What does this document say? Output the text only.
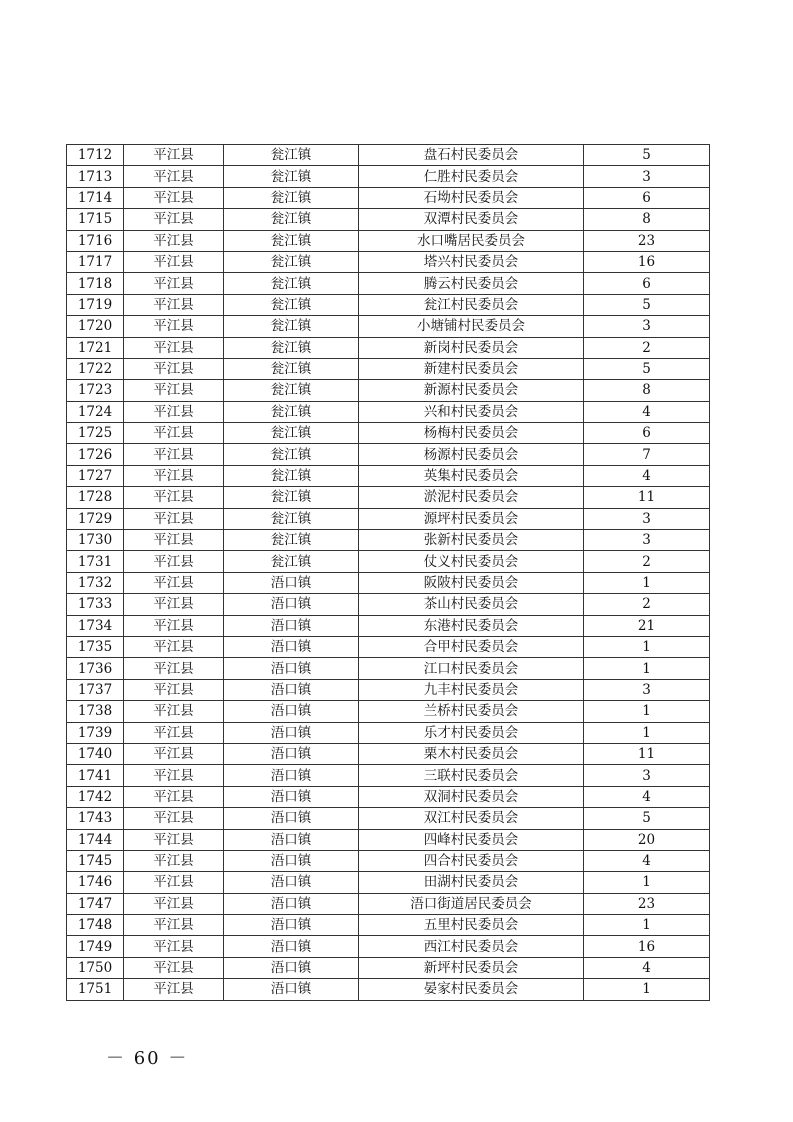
1712	平江县	瓮江镇	盘石村民委员会	5
1713	平江县	瓮江镇	仁胜村民委员会	3
1714	平江县	瓮江镇	石坳村民委员会	6
1715	平江县	瓮江镇	双潭村民委员会	8
1716	平江县	瓮江镇	水口嘴居民委员会	23
1717	平江县	瓮江镇	塔兴村民委员会	16
1718	平江县	瓮江镇	腾云村民委员会	6
1719	平江县	瓮江镇	瓮江村民委员会	5
1720	平江县	瓮江镇	小塘铺村民委员会	3
1721	平江县	瓮江镇	新岗村民委员会	2
1722	平江县	瓮江镇	新建村民委员会	5
1723	平江县	瓮江镇	新源村民委员会	8
1724	平江县	瓮江镇	兴和村民委员会	4
1725	平江县	瓮江镇	杨梅村民委员会	6
1726	平江县	瓮江镇	杨源村民委员会	7
1727	平江县	瓮江镇	英集村民委员会	4
1728	平江县	瓮江镇	淤泥村民委员会	11
1729	平江县	瓮江镇	源坪村民委员会	3
1730	平江县	瓮江镇	张新村民委员会	3
1731	平江县	瓮江镇	仗义村民委员会	2
1732	平江县	浯口镇	阪陂村民委员会	1
1733	平江县	浯口镇	茶山村民委员会	2
1734	平江县	浯口镇	东港村民委员会	21
1735	平江县	浯口镇	合甲村民委员会	1
1736	平江县	浯口镇	江口村民委员会	1
1737	平江县	浯口镇	九丰村民委员会	3
1738	平江县	浯口镇	兰桥村民委员会	1
1739	平江县	浯口镇	乐才村民委员会	1
1740	平江县	浯口镇	栗木村民委员会	11
1741	平江县	浯口镇	三联村民委员会	3
1742	平江县	浯口镇	双洞村民委员会	4
1743	平江县	浯口镇	双江村民委员会	5
1744	平江县	浯口镇	四峰村民委员会	20
1745	平江县	浯口镇	四合村民委员会	4
1746	平江县	浯口镇	田湖村民委员会	1
1747	平江县	浯口镇	浯口街道居民委员会	23
1748	平江县	浯口镇	五里村民委员会	1
1749	平江县	浯口镇	西江村民委员会	16
1750	平江县	浯口镇	新坪村民委员会	4
1751	平江县	浯口镇	晏家村民委员会	1
－ 60 －
